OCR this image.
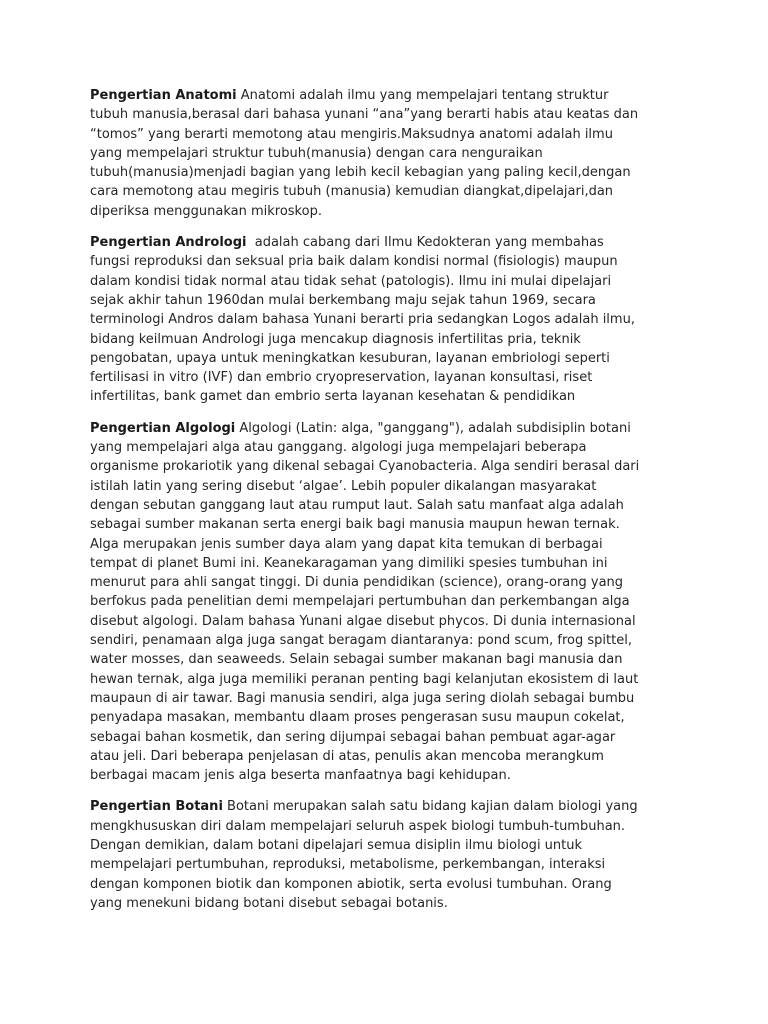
Pengertian Anatomi Anatomi adalah ilmu yang mempelajari tentang struktur
tubuh manusia,berasal dari bahasa yunani “ana”yang berarti habis atau keatas dan
“tomos” yang berarti memotong atau mengiris.Maksudnya anatomi adalah ilmu
yang mempelajari struktur tubuh(manusia) dengan cara nenguraikan
tubuh(manusia)menjadi bagian yang lebih kecil kebagian yang paling kecil,dengan
cara memotong atau megiris tubuh (manusia) kemudian diangkat,dipelajari,dan
diperiksa menggunakan mikroskop.

Pengertian Andrologi  adalah cabang dari Ilmu Kedokteran yang membahas
fungsi reproduksi dan seksual pria baik dalam kondisi normal (fisiologis) maupun
dalam kondisi tidak normal atau tidak sehat (patologis). Ilmu ini mulai dipelajari
sejak akhir tahun 1960dan mulai berkembang maju sejak tahun 1969, secara
terminologi Andros dalam bahasa Yunani berarti pria sedangkan Logos adalah ilmu,
bidang keilmuan Andrologi juga mencakup diagnosis infertilitas pria, teknik
pengobatan, upaya untuk meningkatkan kesuburan, layanan embriologi seperti
fertilisasi in vitro (IVF) dan embrio cryopreservation, layanan konsultasi, riset
infertilitas, bank gamet dan embrio serta layanan kesehatan & pendidikan

Pengertian Algologi Algologi (Latin: alga, "ganggang"), adalah subdisiplin botani
yang mempelajari alga atau ganggang. algologi juga mempelajari beberapa
organisme prokariotik yang dikenal sebagai Cyanobacteria. Alga sendiri berasal dari
istilah latin yang sering disebut ‘algae’. Lebih populer dikalangan masyarakat
dengan sebutan ganggang laut atau rumput laut. Salah satu manfaat alga adalah
sebagai sumber makanan serta energi baik bagi manusia maupun hewan ternak.
Alga merupakan jenis sumber daya alam yang dapat kita temukan di berbagai
tempat di planet Bumi ini. Keanekaragaman yang dimiliki spesies tumbuhan ini
menurut para ahli sangat tinggi. Di dunia pendidikan (science), orang-orang yang
berfokus pada penelitian demi mempelajari pertumbuhan dan perkembangan alga
disebut algologi. Dalam bahasa Yunani algae disebut phycos. Di dunia internasional
sendiri, penamaan alga juga sangat beragam diantaranya: pond scum, frog spittel,
water mosses, dan seaweeds. Selain sebagai sumber makanan bagi manusia dan
hewan ternak, alga juga memiliki peranan penting bagi kelanjutan ekosistem di laut
maupaun di air tawar. Bagi manusia sendiri, alga juga sering diolah sebagai bumbu
penyadapa masakan, membantu dlaam proses pengerasan susu maupun cokelat,
sebagai bahan kosmetik, dan sering dijumpai sebagai bahan pembuat agar-agar
atau jeli. Dari beberapa penjelasan di atas, penulis akan mencoba merangkum
berbagai macam jenis alga beserta manfaatnya bagi kehidupan.

Pengertian Botani Botani merupakan salah satu bidang kajian dalam biologi yang
mengkhususkan diri dalam mempelajari seluruh aspek biologi tumbuh-tumbuhan.
Dengan demikian, dalam botani dipelajari semua disiplin ilmu biologi untuk
mempelajari pertumbuhan, reproduksi, metabolisme, perkembangan, interaksi
dengan komponen biotik dan komponen abiotik, serta evolusi tumbuhan. Orang
yang menekuni bidang botani disebut sebagai botanis.
